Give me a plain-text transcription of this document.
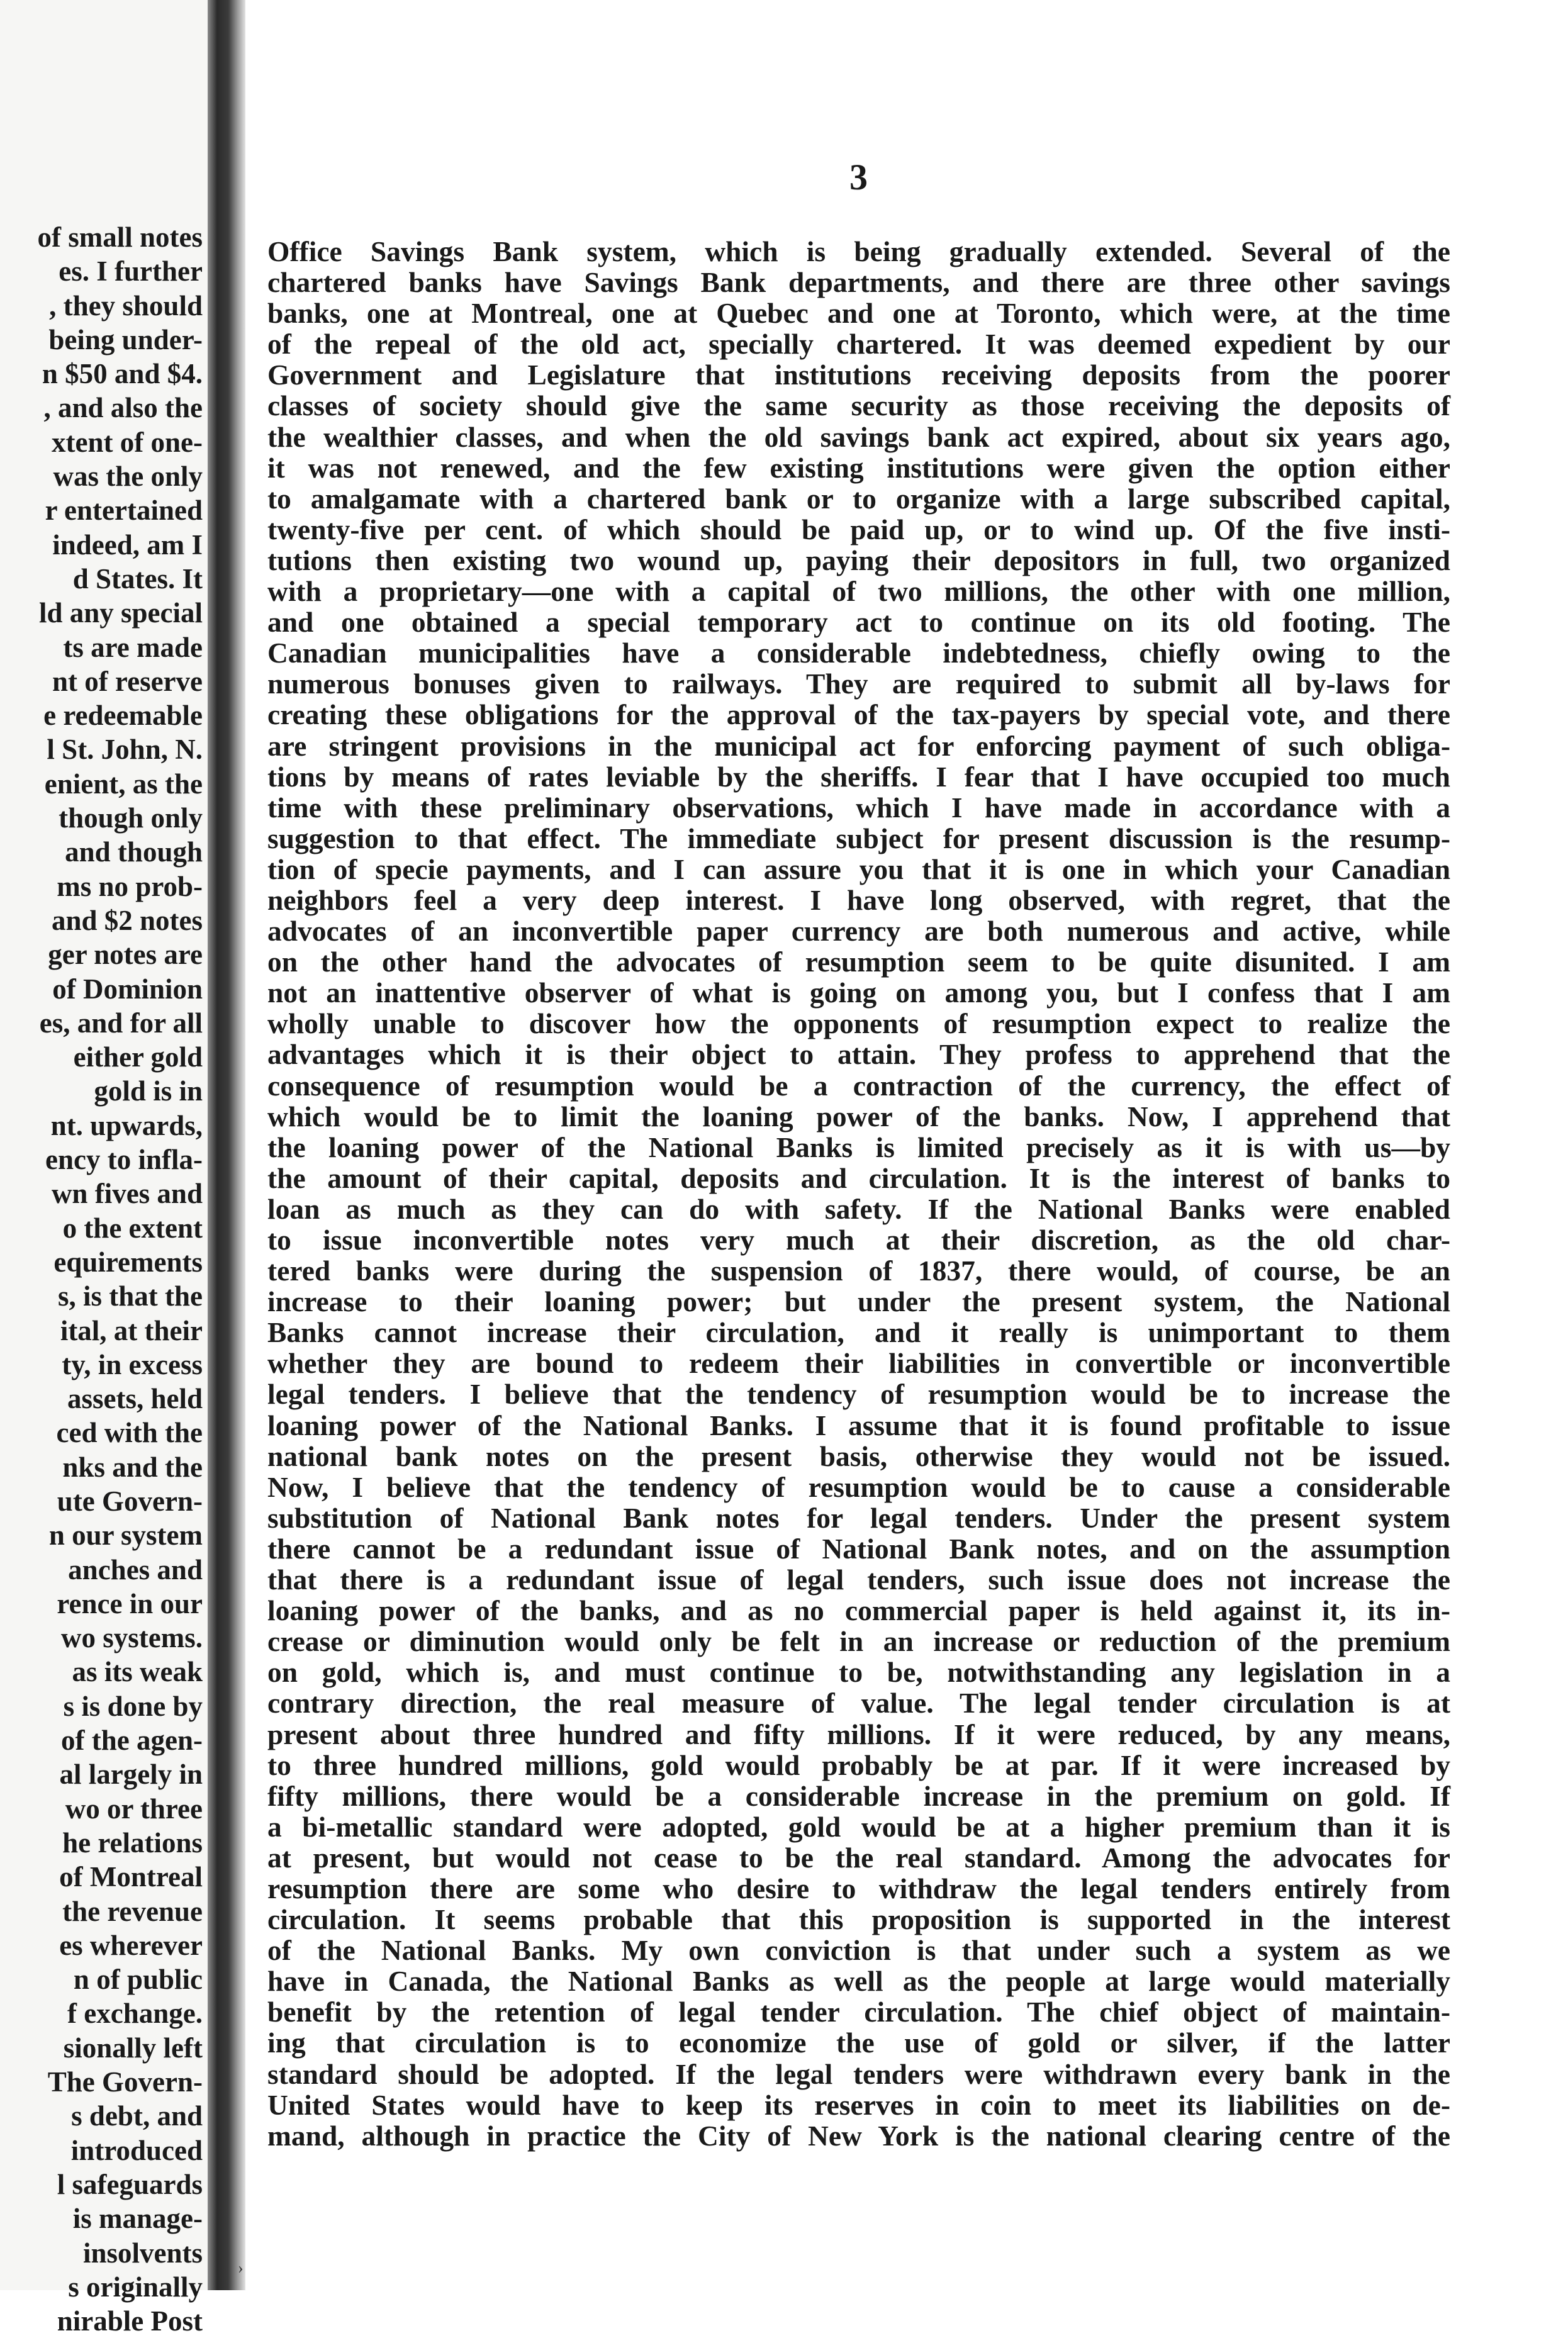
of small notes
es. I further
, they should
being under-
n $50 and $4.
, and also the
xtent of one-
was the only
r entertained
indeed, am I
d States. It
ld any special
ts are made
nt of reserve
e redeemable
l St. John, N.
enient, as the
though only
and though
ms no prob-
and $2 notes
ger notes are
of Dominion
es, and for all
either gold
gold is in
nt. upwards,
ency to infla-
wn fives and
o the extent
equirements
s, is that the
ital, at their
ty, in excess
assets, held
ced with the
nks and the
ute Govern-
n our system
anches and
rence in our
wo systems.
as its weak
s is done by
of the agen-
al largely in
wo or three
he relations
of Montreal
the revenue
es wherever
n of public
f exchange.
sionally left
The Govern-
s debt, and
introduced
l safeguards
is manage-
insolvents
s originally
nirable Post
3
Office Savings Bank system, which is being gradually extended. Several of the
chartered banks have Savings Bank departments, and there are three other savings
banks, one at Montreal, one at Quebec and one at Toronto, which were, at the time
of the repeal of the old act, specially chartered. It was deemed expedient by our
Government and Legislature that institutions receiving deposits from the poorer
classes of society should give the same security as those receiving the deposits of
the wealthier classes, and when the old savings bank act expired, about six years ago,
it was not renewed, and the few existing institutions were given the option either
to amalgamate with a chartered bank or to organize with a large subscribed capital,
twenty-five per cent. of which should be paid up, or to wind up. Of the five insti-
tutions then existing two wound up, paying their depositors in full, two organized
with a proprietary—one with a capital of two millions, the other with one million,
and one obtained a special temporary act to continue on its old footing. The
Canadian municipalities have a considerable indebtedness, chiefly owing to the
numerous bonuses given to railways. They are required to submit all by-laws for
creating these obligations for the approval of the tax-payers by special vote, and there
are stringent provisions in the municipal act for enforcing payment of such obliga-
tions by means of rates leviable by the sheriffs. I fear that I have occupied too much
time with these preliminary observations, which I have made in accordance with a
suggestion to that effect. The immediate subject for present discussion is the resump-
tion of specie payments, and I can assure you that it is one in which your Canadian
neighbors feel a very deep interest. I have long observed, with regret, that the
advocates of an inconvertible paper currency are both numerous and active, while
on the other hand the advocates of resumption seem to be quite disunited. I am
not an inattentive observer of what is going on among you, but I confess that I am
wholly unable to discover how the opponents of resumption expect to realize the
advantages which it is their object to attain. They profess to apprehend that the
consequence of resumption would be a contraction of the currency, the effect of
which would be to limit the loaning power of the banks. Now, I apprehend that
the loaning power of the National Banks is limited precisely as it is with us—by
the amount of their capital, deposits and circulation. It is the interest of banks to
loan as much as they can do with safety. If the National Banks were enabled
to issue inconvertible notes very much at their discretion, as the old char-
tered banks were during the suspension of 1837, there would, of course, be an
increase to their loaning power; but under the present system, the National
Banks cannot increase their circulation, and it really is unimportant to them
whether they are bound to redeem their liabilities in convertible or inconvertible
legal tenders. I believe that the tendency of resumption would be to increase the
loaning power of the National Banks. I assume that it is found profitable to issue
national bank notes on the present basis, otherwise they would not be issued.
Now, I believe that the tendency of resumption would be to cause a considerable
substitution of National Bank notes for legal tenders. Under the present system
there cannot be a redundant issue of National Bank notes, and on the assumption
that there is a redundant issue of legal tenders, such issue does not increase the
loaning power of the banks, and as no commercial paper is held against it, its in-
crease or diminution would only be felt in an increase or reduction of the premium
on gold, which is, and must continue to be, notwithstanding any legislation in a
contrary direction, the real measure of value. The legal tender circulation is at
present about three hundred and fifty millions. If it were reduced, by any means,
to three hundred millions, gold would probably be at par. If it were increased by
fifty millions, there would be a considerable increase in the premium on gold. If
a bi-metallic standard were adopted, gold would be at a higher premium than it is
at present, but would not cease to be the real standard. Among the advocates for
resumption there are some who desire to withdraw the legal tenders entirely from
circulation. It seems probable that this proposition is supported in the interest
of the National Banks. My own conviction is that under such a system as we
have in Canada, the National Banks as well as the people at large would materially
benefit by the retention of legal tender circulation. The chief object of maintain-
ing that circulation is to economize the use of gold or silver, if the latter
standard should be adopted. If the legal tenders were withdrawn every bank in the
United States would have to keep its reserves in coin to meet its liabilities on de-
mand, although in practice the City of New York is the national clearing centre of the
›
